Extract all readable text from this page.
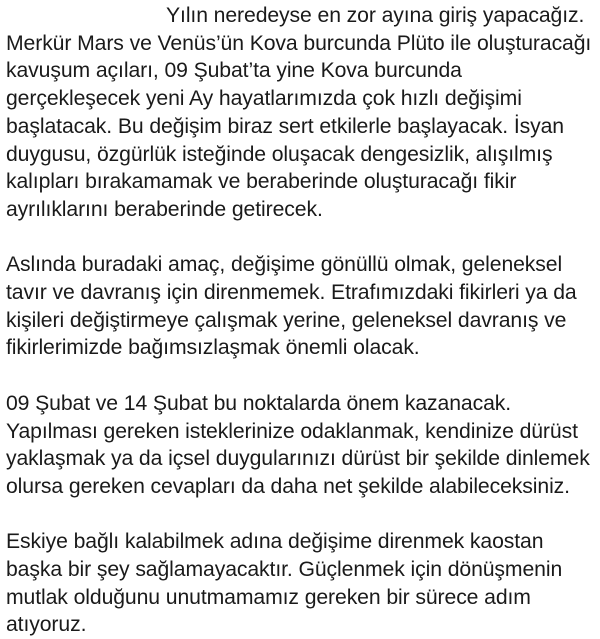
Yılın neredeyse en zor ayına giriş yapacağız.
Merkür Mars ve Venüs’ün Kova burcunda Plüto ile oluşturacağı
kavuşum açıları, 09 Şubat’ta yine Kova burcunda
gerçekleşecek yeni Ay hayatlarımızda çok hızlı değişimi
başlatacak. Bu değişim biraz sert etkilerle başlayacak. İsyan
duygusu, özgürlük isteğinde oluşacak dengesizlik, alışılmış
kalıpları bırakamamak ve beraberinde oluşturacağı fikir
ayrılıklarını beraberinde getirecek.

Aslında buradaki amaç, değişime gönüllü olmak, geleneksel
tavır ve davranış için direnmemek. Etrafımızdaki fikirleri ya da
kişileri değiştirmeye çalışmak yerine, geleneksel davranış ve
fikirlerimizde bağımsızlaşmak önemli olacak.

09 Şubat ve 14 Şubat bu noktalarda önem kazanacak.
Yapılması gereken isteklerinize odaklanmak, kendinize dürüst
yaklaşmak ya da içsel duygularınızı dürüst bir şekilde dinlemek
olursa gereken cevapları da daha net şekilde alabileceksiniz.

Eskiye bağlı kalabilmek adına değişime direnmek kaostan
başka bir şey sağlamayacaktır. Güçlenmek için dönüşmenin
mutlak olduğunu unutmamamız gereken bir sürece adım
atıyoruz.
